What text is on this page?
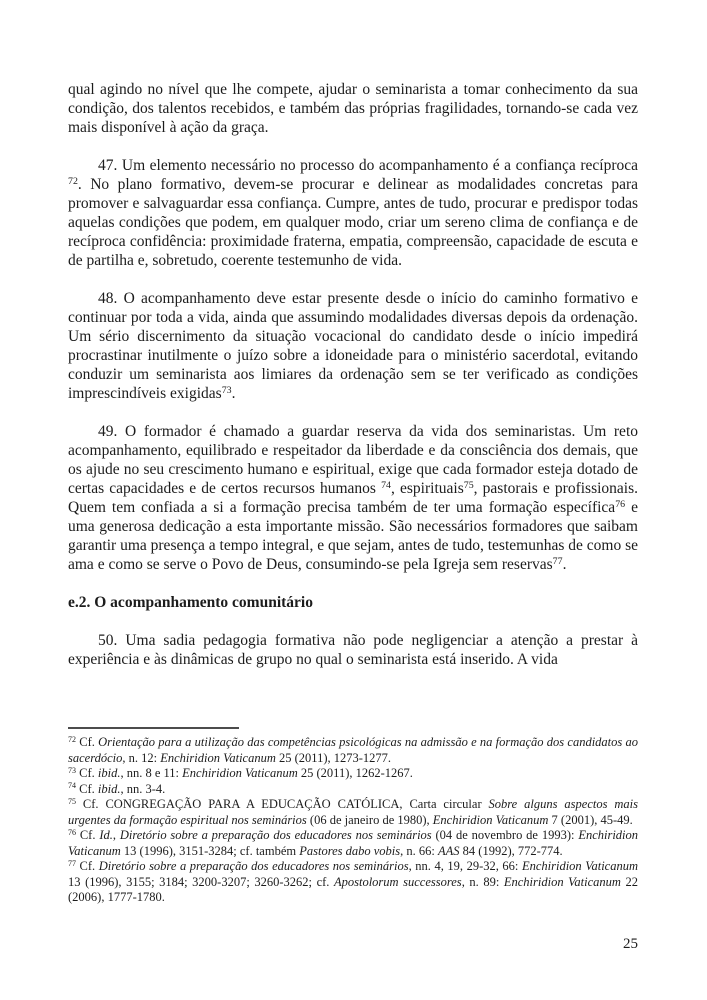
qual agindo no nível que lhe compete, ajudar o seminarista a tomar conhecimento da sua condição, dos talentos recebidos, e também das próprias fragilidades, tornando-se cada vez mais disponível à ação da graça.

47. Um elemento necessário no processo do acompanhamento é a confiança recíproca $^{72}$. No plano formativo, devem-se procurar e delinear as modalidades concretas para promover e salvaguardar essa confiança. Cumpre, antes de tudo, procurar e predispor todas aquelas condições que podem, em qualquer modo, criar um sereno clima de confiança e de recíproca confidência: proximidade fraterna, empatia, compreensão, capacidade de escuta e de partilha e, sobretudo, coerente testemunho de vida.

48. O acompanhamento deve estar presente desde o início do caminho formativo e continuar por toda a vida, ainda que assumindo modalidades diversas depois da ordenação. Um sério discernimento da situação vocacional do candidato desde o início impedirá procrastinar inutilmente o juízo sobre a idoneidade para o ministério sacerdotal, evitando conduzir um seminarista aos limiares da ordenação sem se ter verificado as condições imprescindíveis exigidas$^{73}$.

49. O formador é chamado a guardar reserva da vida dos seminaristas. Um reto acompanhamento, equilibrado e respeitador da liberdade e da consciência dos demais, que os ajude no seu crescimento humano e espiritual, exige que cada formador esteja dotado de certas capacidades e de certos recursos humanos $^{74}$, espirituais$^{75}$, pastorais e profissionais. Quem tem confiada a si a formação precisa também de ter uma formação específica$^{76}$ e uma generosa dedicação a esta importante missão. São necessários formadores que saibam garantir uma presença a tempo integral, e que sejam, antes de tudo, testemunhas de como se ama e como se serve o Povo de Deus, consumindo-se pela Igreja sem reservas$^{77}$.

e.2. O acompanhamento comunitário

50. Uma sadia pedagogia formativa não pode negligenciar a atenção a prestar à experiência e às dinâmicas de grupo no qual o seminarista está inserido. A vida

$^{72}$ Cf. Orientação para a utilização das competências psicológicas na admissão e na formação dos candidatos ao sacerdócio, n. 12: Enchiridion Vaticanum 25 (2011), 1273-1277.

$^{73}$ Cf. ibid., nn. 8 e 11: Enchiridion Vaticanum 25 (2011), 1262-1267.

$^{74}$ Cf. ibid., nn. 3-4.

$^{75}$ Cf. CONGREGAÇÃO PARA A EDUCAÇÃO CATÓLICA, Carta circular Sobre alguns aspectos mais urgentes da formação espiritual nos seminários (06 de janeiro de 1980), Enchiridion Vaticanum 7 (2001), 45-49.

$^{76}$ Cf. Id., Diretório sobre a preparação dos educadores nos seminários (04 de novembro de 1993): Enchiridion Vaticanum 13 (1996), 3151-3284; cf. também Pastores dabo vobis, n. 66: AAS 84 (1992), 772-774.

$^{77}$ Cf. Diretório sobre a preparação dos educadores nos seminários, nn. 4, 19, 29-32, 66: Enchiridion Vaticanum 13 (1996), 3155; 3184; 3200-3207; 3260-3262; cf. Apostolorum successores, n. 89: Enchiridion Vaticanum 22 (2006), 1777-1780.

25
